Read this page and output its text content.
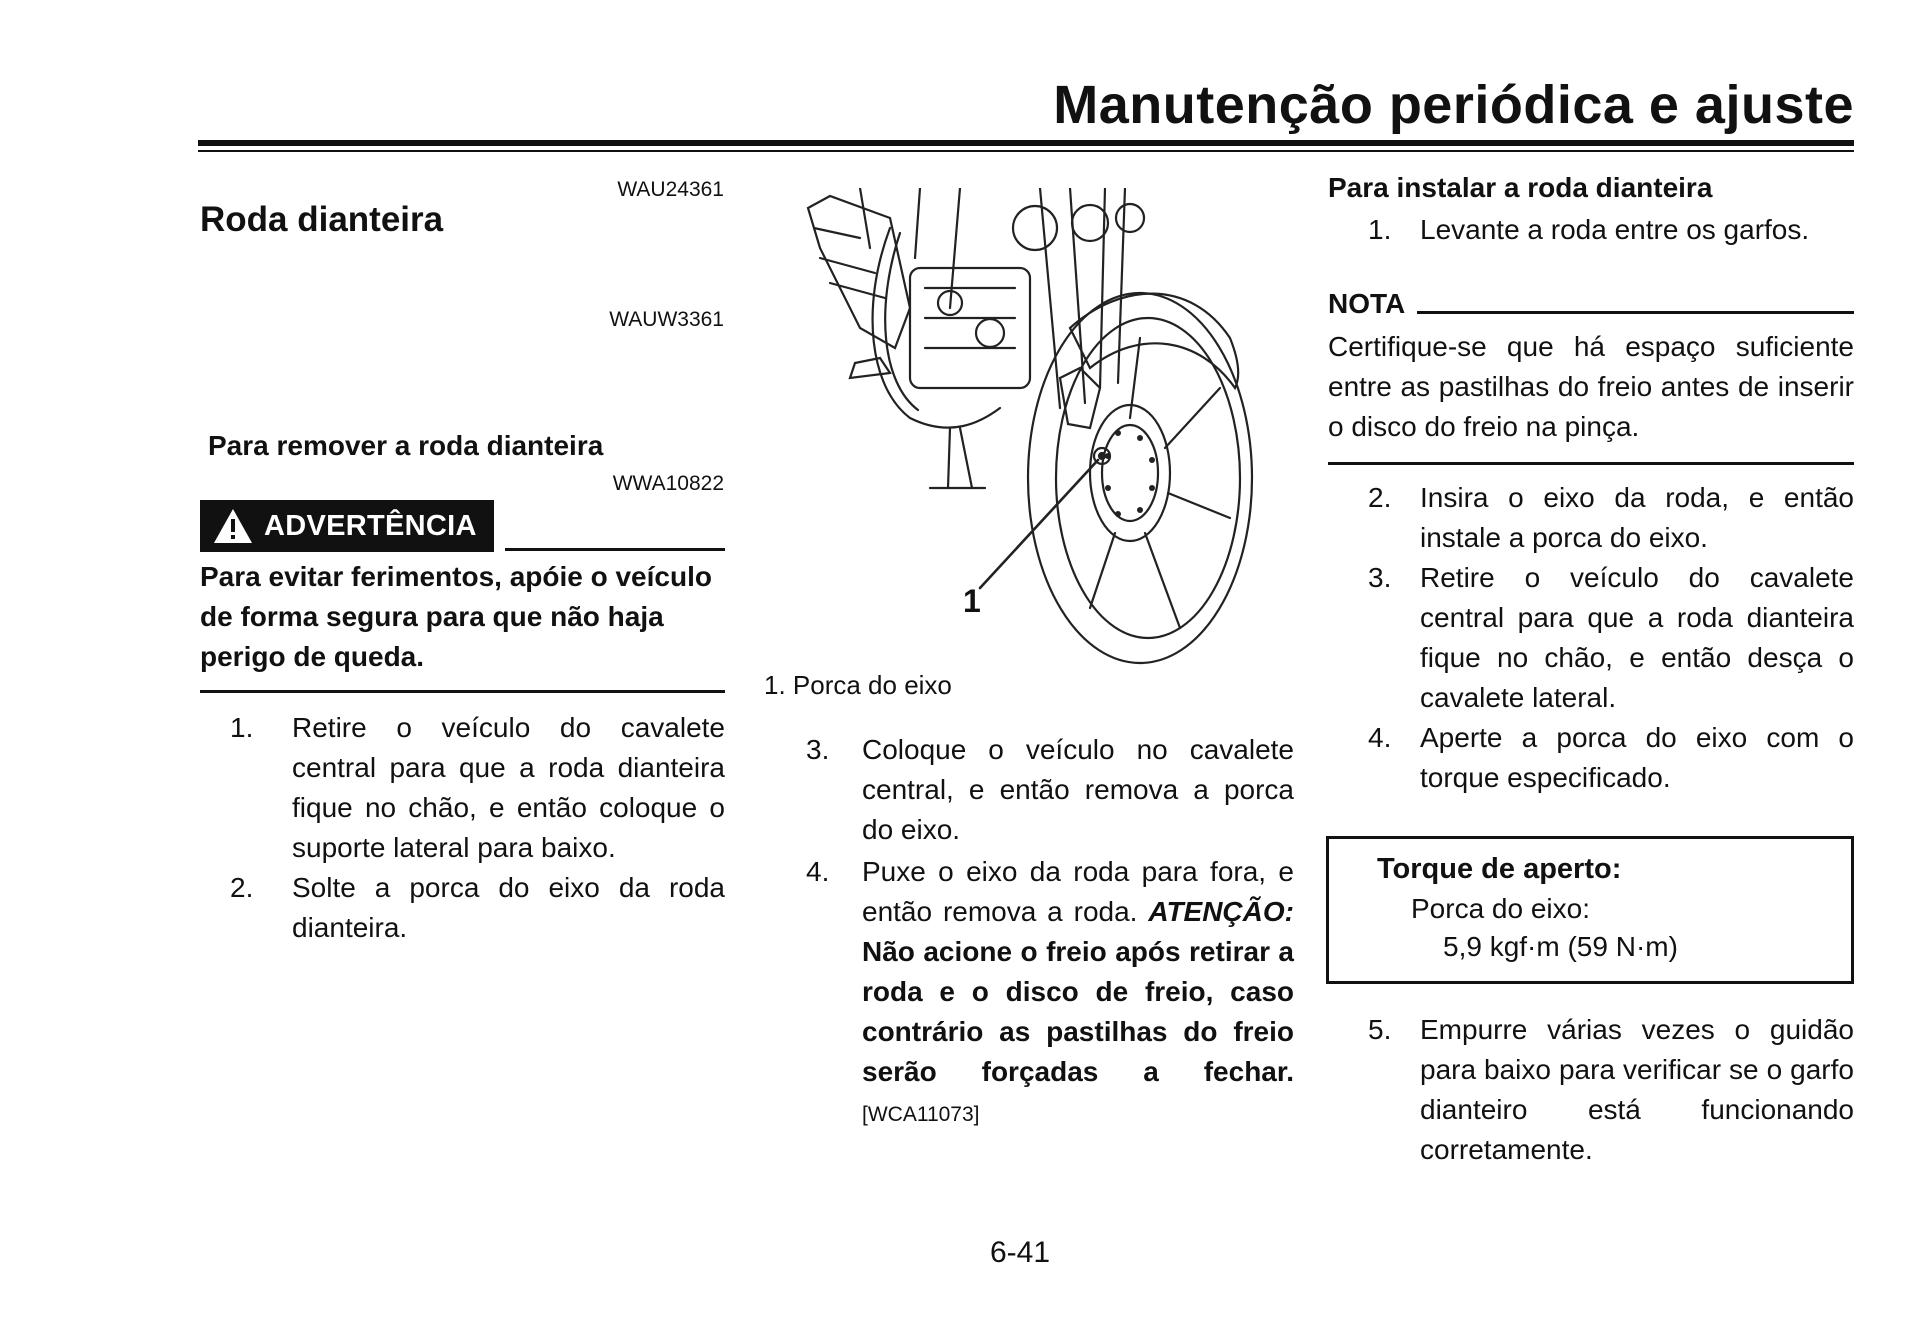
Manutenção periódica e ajuste
WAU24361
Roda dianteira
WAUW3361
Para remover a roda dianteira
WWA10822
ADVERTÊNCIA
Para evitar ferimentos, apóie o veículo de forma segura para que não haja perigo de queda.
1.	Retire o veículo do cavalete central para que a roda dianteira fique no chão, e então coloque o suporte lateral para baixo.
2.	Solte a porca do eixo da roda dianteira.
1
1. Porca do eixo
3.	Coloque o veículo no cavalete central, e então remova a porca do eixo.
4.	Puxe o eixo da roda para fora, e então remova a roda. ATENÇÃO: Não acione o freio após retirar a roda e o disco de freio, caso contrário as pastilhas do freio serão forçadas a fechar. [WCA11073]
Para instalar a roda dianteira
1.	Levante a roda entre os garfos.
NOTA
Certifique-se que há espaço suficiente entre as pastilhas do freio antes de inserir o disco do freio na pinça.
2.	Insira o eixo da roda, e então instale a porca do eixo.
3.	Retire o veículo do cavalete central para que a roda dianteira fique no chão, e então desça o cavalete lateral.
4.	Aperte a porca do eixo com o torque especificado.
Torque de aperto:
Porca do eixo:
5,9 kgf·m (59 N·m)
5.	Empurre várias vezes o guidão para baixo para verificar se o garfo dianteiro está funcionando corretamente.
6-41
